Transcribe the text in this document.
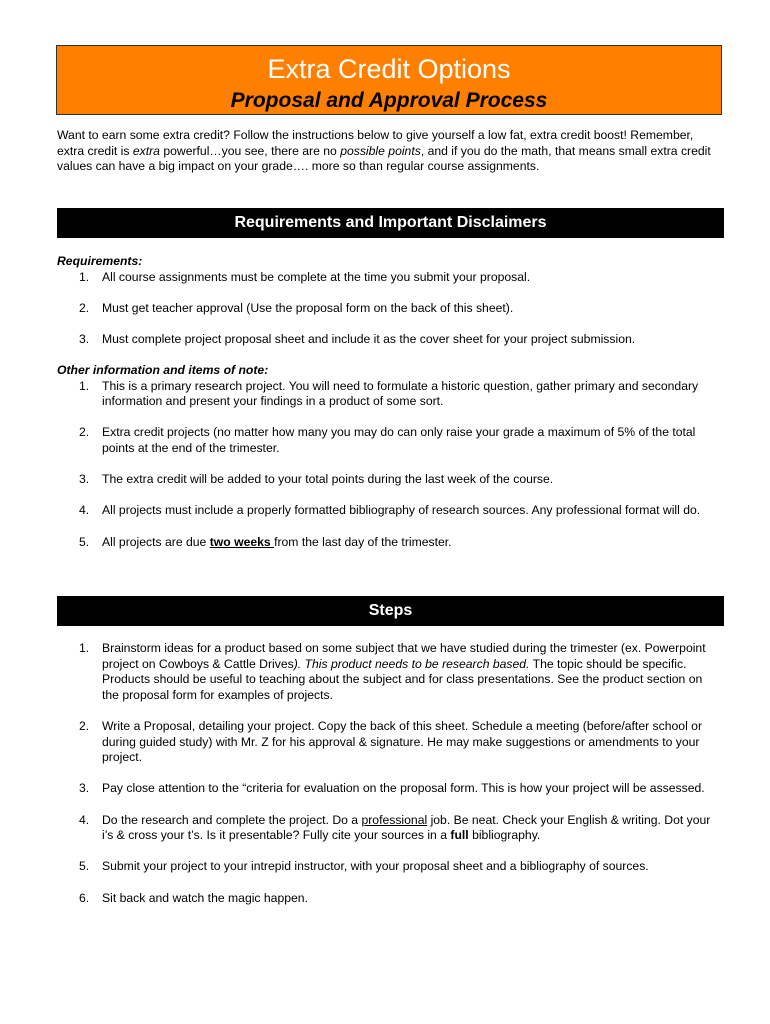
Extra Credit Options
Proposal and Approval Process
Want to earn some extra credit? Follow the instructions below to give yourself a low fat, extra credit boost! Remember, extra credit is extra powerful…you see, there are no possible points, and if you do the math, that means small extra credit values can have a big impact on your grade…. more so than regular course assignments.
Requirements and Important Disclaimers
Requirements:
1. All course assignments must be complete at the time you submit your proposal.
2. Must get teacher approval (Use the proposal form on the back of this sheet).
3. Must complete project proposal sheet and include it as the cover sheet for your project submission.
Other information and items of note:
1. This is a primary research project. You will need to formulate a historic question, gather primary and secondary information and present your findings in a product of some sort.
2. Extra credit projects (no matter how many you may do can only raise your grade a maximum of 5% of the total points at the end of the trimester.
3. The extra credit will be added to your total points during the last week of the course.
4. All projects must include a properly formatted bibliography of research sources. Any professional format will do.
5. All projects are due two weeks from the last day of the trimester.
Steps
1. Brainstorm ideas for a product based on some subject that we have studied during the trimester (ex. Powerpoint project on Cowboys & Cattle Drives). This product needs to be research based. The topic should be specific. Products should be useful to teaching about the subject and for class presentations. See the product section on the proposal form for examples of projects.
2. Write a Proposal, detailing your project. Copy the back of this sheet. Schedule a meeting (before/after school or during guided study) with Mr. Z for his approval & signature. He may make suggestions or amendments to your project.
3. Pay close attention to the “criteria for evaluation on the proposal form. This is how your project will be assessed.
4. Do the research and complete the project. Do a professional job. Be neat. Check your English & writing. Dot your i’s & cross your t’s. Is it presentable? Fully cite your sources in a full bibliography.
5. Submit your project to your intrepid instructor, with your proposal sheet and a bibliography of sources.
6. Sit back and watch the magic happen.
